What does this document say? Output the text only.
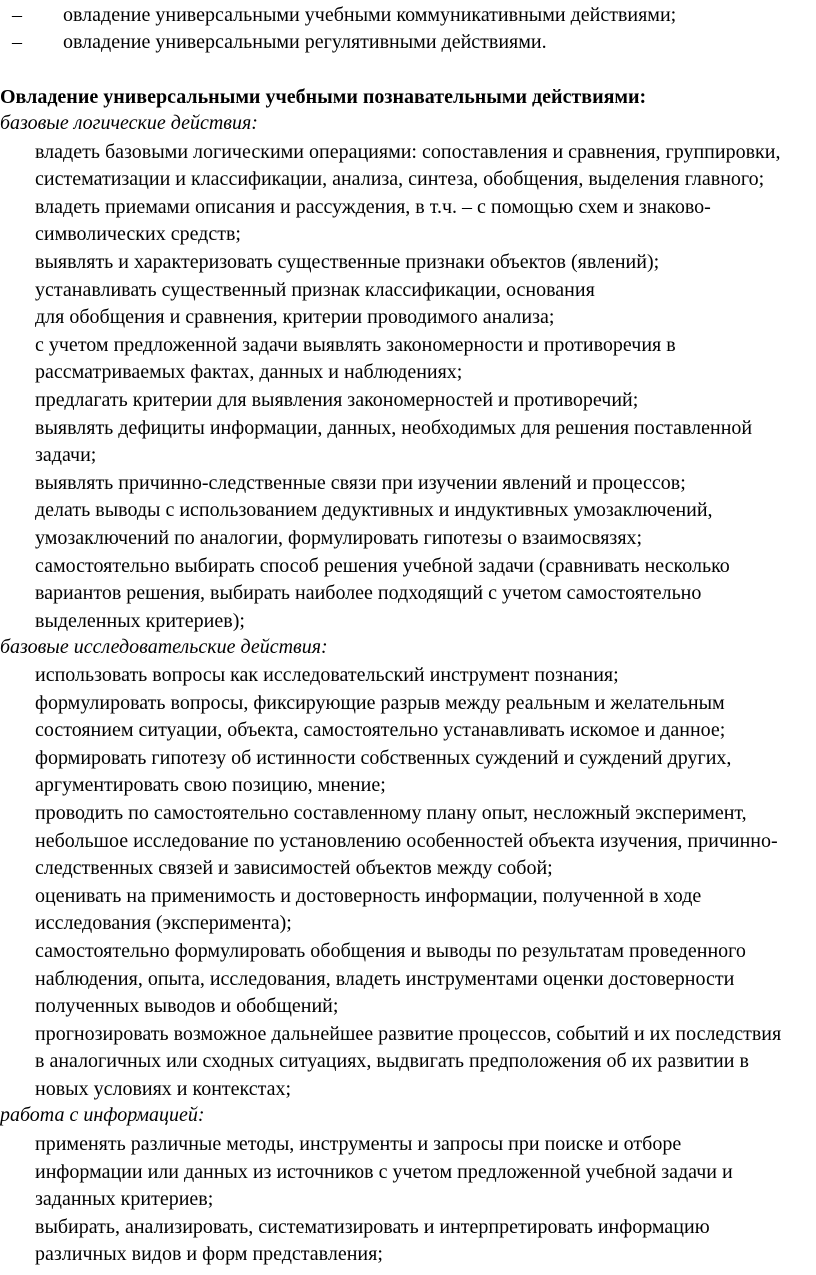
– овладение универсальными учебными коммуникативными действиями;
– овладение универсальными регулятивными действиями.
Овладение универсальными учебными познавательными действиями:
базовые логические действия:
владеть базовыми логическими операциями: сопоставления и сравнения, группировки,
систематизации и классификации, анализа, синтеза, обобщения, выделения главного;
владеть приемами описания и рассуждения, в т.ч. – с помощью схем и знаково-
символических средств;
выявлять и характеризовать существенные признаки объектов (явлений);
устанавливать существенный признак классификации, основания
для обобщения и сравнения, критерии проводимого анализа;
с учетом предложенной задачи выявлять закономерности и противоречия в
рассматриваемых фактах, данных и наблюдениях;
предлагать критерии для выявления закономерностей и противоречий;
выявлять дефициты информации, данных, необходимых для решения поставленной
задачи;
выявлять причинно-следственные связи при изучении явлений и процессов;
делать выводы с использованием дедуктивных и индуктивных умозаключений,
умозаключений по аналогии, формулировать гипотезы о взаимосвязях;
самостоятельно выбирать способ решения учебной задачи (сравнивать несколько
вариантов решения, выбирать наиболее подходящий с учетом самостоятельно
выделенных критериев);
базовые исследовательские действия:
использовать вопросы как исследовательский инструмент познания;
формулировать вопросы, фиксирующие разрыв между реальным и желательным
состоянием ситуации, объекта, самостоятельно устанавливать искомое и данное;
формировать гипотезу об истинности собственных суждений и суждений других,
аргументировать свою позицию, мнение;
проводить по самостоятельно составленному плану опыт, несложный эксперимент,
небольшое исследование по установлению особенностей объекта изучения, причинно-
следственных связей и зависимостей объектов между собой;
оценивать на применимость и достоверность информации, полученной в ходе
исследования (эксперимента);
самостоятельно формулировать обобщения и выводы по результатам проведенного
наблюдения, опыта, исследования, владеть инструментами оценки достоверности
полученных выводов и обобщений;
прогнозировать возможное дальнейшее развитие процессов, событий и их последствия
в аналогичных или сходных ситуациях, выдвигать предположения об их развитии в
новых условиях и контекстах;
работа с информацией:
применять различные методы, инструменты и запросы при поиске и отборе
информации или данных из источников с учетом предложенной учебной задачи и
заданных критериев;
выбирать, анализировать, систематизировать и интерпретировать информацию
различных видов и форм представления;
